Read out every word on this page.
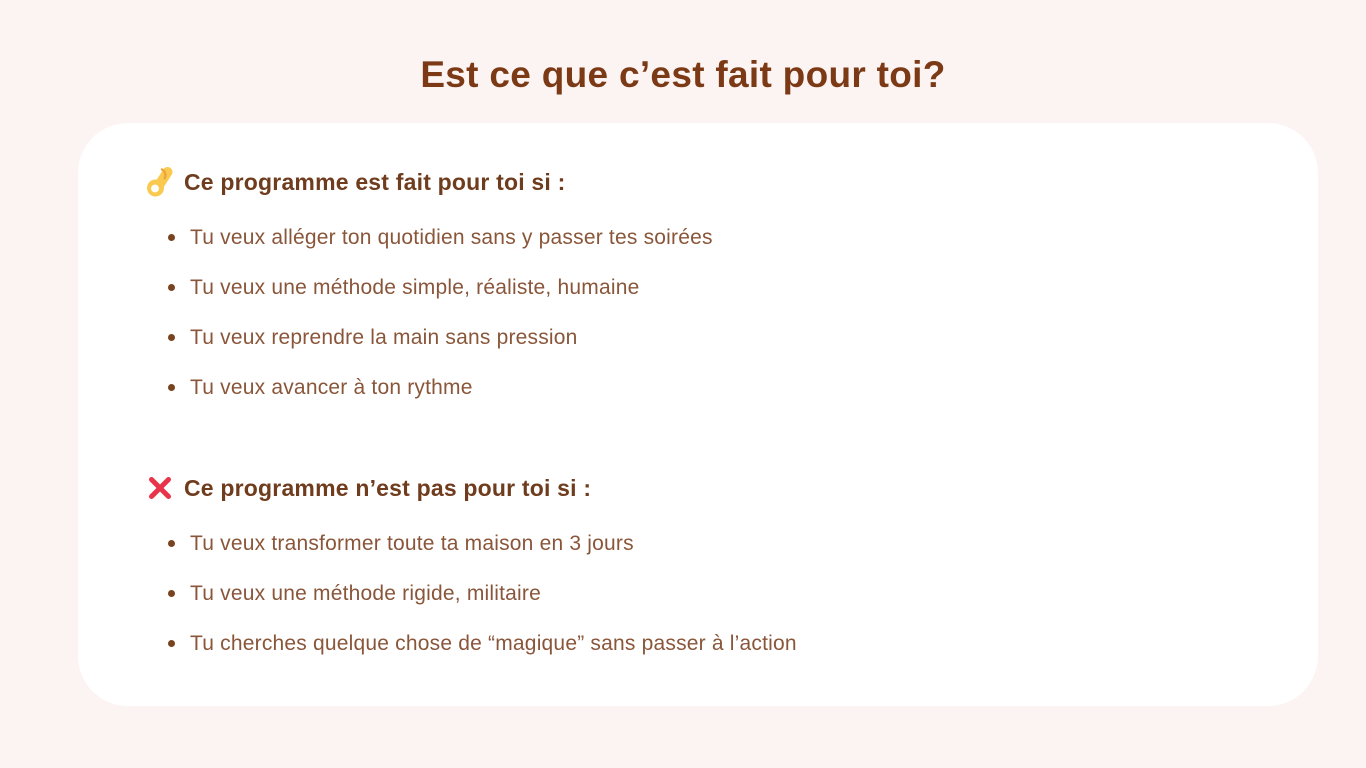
Est ce que c’est fait pour toi?
Ce programme est fait pour toi si :
Tu veux alléger ton quotidien sans y passer tes soirées
Tu veux une méthode simple, réaliste, humaine
Tu veux reprendre la main sans pression
Tu veux avancer à ton rythme
Ce programme n’est pas pour toi si :
Tu veux transformer toute ta maison en 3 jours
Tu veux une méthode rigide, militaire
Tu cherches quelque chose de “magique” sans passer à l’action
